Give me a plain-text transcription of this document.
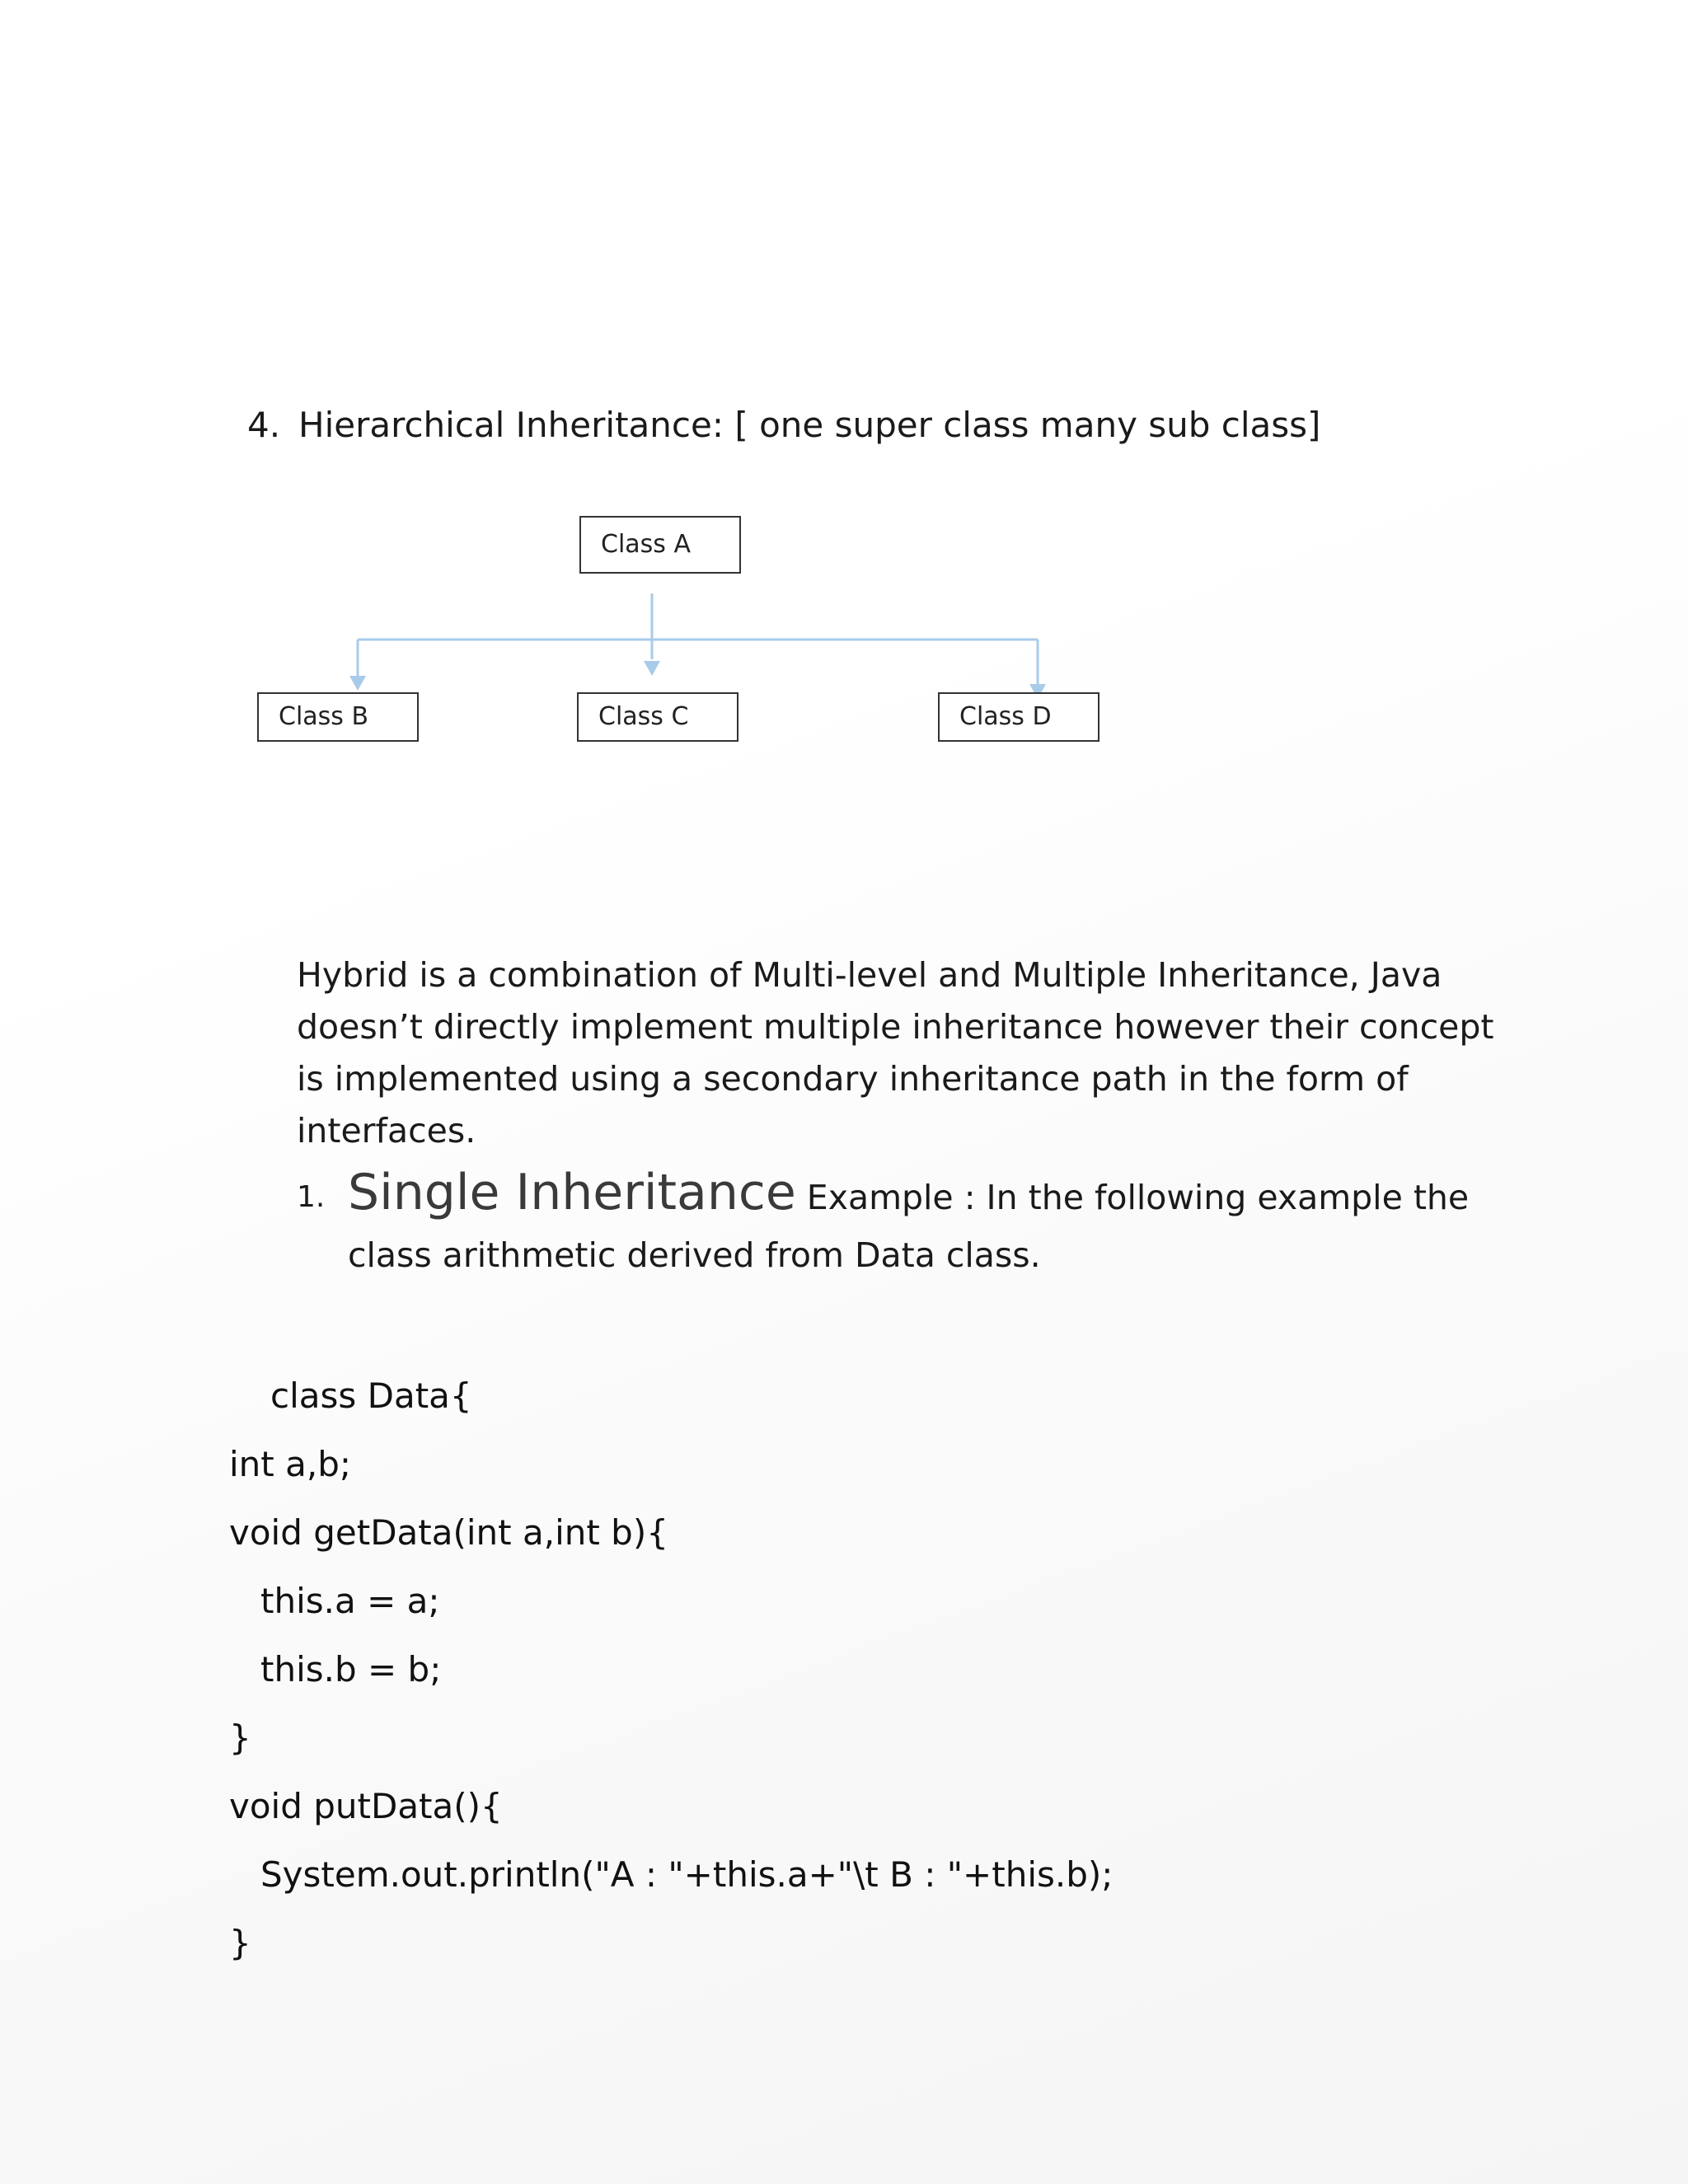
4. Hierarchical Inheritance: [ one super class many sub class]
Class A
Class B	Class C	Class D
Hybrid is a combination of Multi-level and Multiple Inheritance, Java doesn’t directly implement multiple inheritance however their concept is implemented using a secondary inheritance path in the form of interfaces.
1. Single Inheritance Example : In the following example the class arithmetic derived from Data class.
class Data{
int a,b;
void getData(int a,int b){
this.a = a;
this.b = b;
}
void putData(){
System.out.println("A : "+this.a+"\t B : "+this.b);
}
